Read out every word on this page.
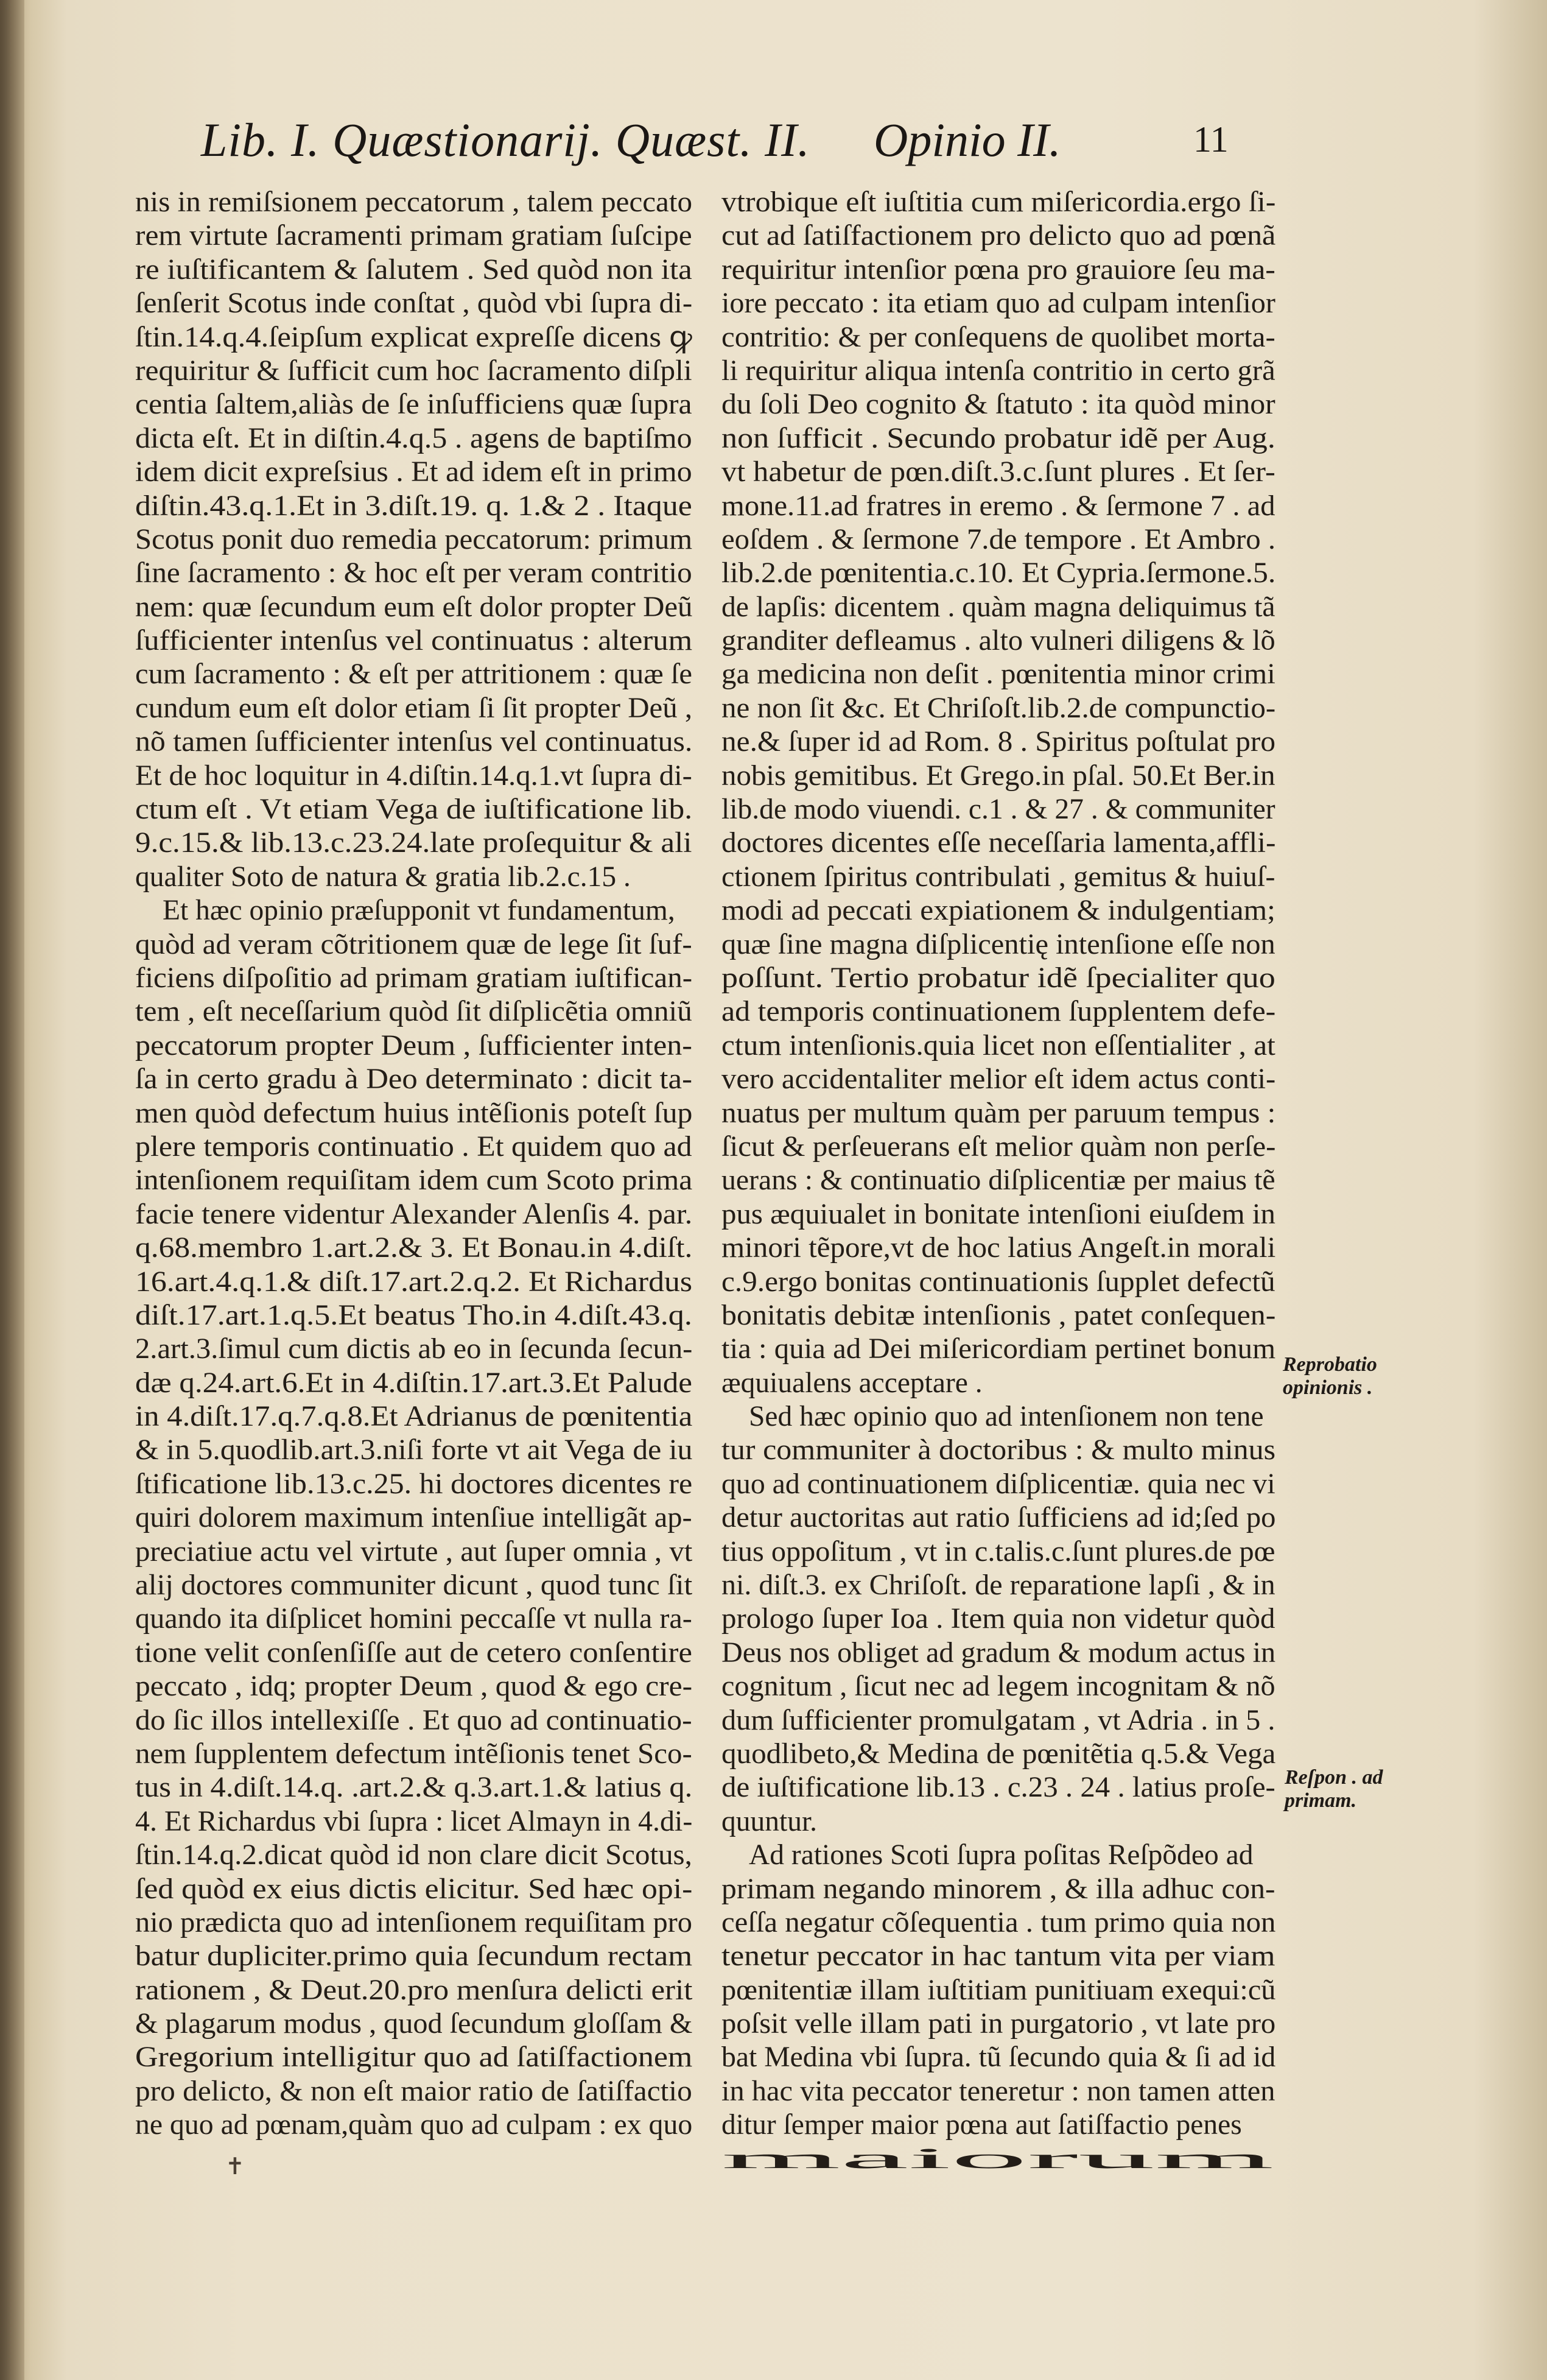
Lib. I. Quæstionarij. Quæst. II. Opinio II.	11
nis in remiſsionem peccatorum , talem peccato
rem virtute ſacramenti primam gratiam ſuſcipe
re iuſtificantem & ſalutem . Sed quòd non ita
ſenſerit Scotus inde conſtat , quòd vbi ſupra di-
ſtin.14.q.4.ſeipſum explicat expreſſe dicens ꝙ
requiritur & ſufficit cum hoc ſacramento diſpli
centia ſaltem,aliàs de ſe inſufficiens quæ ſupra
dicta eſt. Et in diſtin.4.q.5 . agens de baptiſmo
idem dicit expreſsius . Et ad idem eſt in primo
diſtin.43.q.1.Et in 3.diſt.19. q. 1.& 2 . Itaque
Scotus ponit duo remedia peccatorum: primum
ſine ſacramento : & hoc eſt per veram contritio
nem: quæ ſecundum eum eſt dolor propter Deũ
ſufficienter intenſus vel continuatus : alterum
cum ſacramento : & eſt per attritionem : quæ ſe
cundum eum eſt dolor etiam ſi ſit propter Deũ ,
nõ tamen ſufficienter intenſus vel continuatus.
Et de hoc loquitur in 4.diſtin.14.q.1.vt ſupra di-
ctum eſt . Vt etiam Vega de iuſtificatione lib.
9.c.15.& lib.13.c.23.24.late proſequitur & ali
qualiter Soto de natura & gratia lib.2.c.15 .
Et hæc opinio præſupponit vt fundamentum,
quòd ad veram cõtritionem quæ de lege ſit ſuf-
ficiens diſpoſitio ad primam gratiam iuſtifican-
tem , eſt neceſſarium quòd ſit diſplicẽtia omniũ
peccatorum propter Deum , ſufficienter inten-
ſa in certo gradu à Deo determinato : dicit ta-
men quòd defectum huius intẽſionis poteſt ſup
plere temporis continuatio . Et quidem quo ad
intenſionem requiſitam idem cum Scoto prima
facie tenere videntur Alexander Alenſis 4. par.
q.68.membro 1.art.2.& 3. Et Bonau.in 4.diſt.
16.art.4.q.1.& diſt.17.art.2.q.2. Et Richardus
diſt.17.art.1.q.5.Et beatus Tho.in 4.diſt.43.q.
2.art.3.ſimul cum dictis ab eo in ſecunda ſecun-
dæ q.24.art.6.Et in 4.diſtin.17.art.3.Et Palude
in 4.diſt.17.q.7.q.8.Et Adrianus de pœnitentia
& in 5.quodlib.art.3.niſi forte vt ait Vega de iu
ſtificatione lib.13.c.25. hi doctores dicentes re
quiri dolorem maximum intenſiue intelligãt ap-
preciatiue actu vel virtute , aut ſuper omnia , vt
alij doctores communiter dicunt , quod tunc ſit
quando ita diſplicet homini peccaſſe vt nulla ra-
tione velit conſenſiſſe aut de cetero conſentire
peccato , idq; propter Deum , quod & ego cre-
do ſic illos intellexiſſe . Et quo ad continuatio-
nem ſupplentem defectum intẽſionis tenet Sco-
tus in 4.diſt.14.q. .art.2.& q.3.art.1.& latius q.
4. Et Richardus vbi ſupra : licet Almayn in 4.di-
ſtin.14.q.2.dicat quòd id non clare dicit Scotus,
ſed quòd ex eius dictis elicitur. Sed hæc opi-
nio prædicta quo ad intenſionem requiſitam pro
batur dupliciter.primo quia ſecundum rectam
rationem , & Deut.20.pro menſura delicti erit
& plagarum modus , quod ſecundum gloſſam &
Gregorium intelligitur quo ad ſatiſfactionem
pro delicto, & non eſt maior ratio de ſatiſfactio
ne quo ad pœnam,quàm quo ad culpam : ex quo
vtrobique eſt iuſtitia cum miſericordia.ergo ſi-
cut ad ſatiſfactionem pro delicto quo ad pœnã
requiritur intenſior pœna pro grauiore ſeu ma-
iore peccato : ita etiam quo ad culpam intenſior
contritio: & per conſequens de quolibet morta-
li requiritur aliqua intenſa contritio in certo grã
du ſoli Deo cognito & ſtatuto : ita quòd minor
non ſufficit . Secundo probatur idẽ per Aug.
vt habetur de pœn.diſt.3.c.ſunt plures . Et ſer-
mone.11.ad fratres in eremo . & ſermone 7 . ad
eoſdem . & ſermone 7.de tempore . Et Ambro .
lib.2.de pœnitentia.c.10. Et Cypria.ſermone.5.
de lapſis: dicentem . quàm magna deliquimus tã
granditer defleamus . alto vulneri diligens & lõ
ga medicina non deſit . pœnitentia minor crimi
ne non ſit &c. Et Chriſoſt.lib.2.de compunctio-
ne.& ſuper id ad Rom. 8 . Spiritus poſtulat pro
nobis gemitibus. Et Grego.in pſal. 50.Et Ber.in
lib.de modo viuendi. c.1 . & 27 . & communiter
doctores dicentes eſſe neceſſaria lamenta,affli-
ctionem ſpiritus contribulati , gemitus & huiuſ-
modi ad peccati expiationem & indulgentiam;
quæ ſine magna diſplicentię intenſione eſſe non
poſſunt. Tertio probatur idẽ ſpecialiter quo
ad temporis continuationem ſupplentem defe-
ctum intenſionis.quia licet non eſſentialiter , at
vero accidentaliter melior eſt idem actus conti-
nuatus per multum quàm per paruum tempus :
ſicut & perſeuerans eſt melior quàm non perſe-
uerans : & continuatio diſplicentiæ per maius tẽ
pus æquiualet in bonitate intenſioni eiuſdem in
minori tẽpore,vt de hoc latius Angeſt.in morali
c.9.ergo bonitas continuationis ſupplet defectũ
bonitatis debitæ intenſionis , patet conſequen-
tia : quia ad Dei miſericordiam pertinet bonum
æquiualens acceptare .
Sed hæc opinio quo ad intenſionem non tene
tur communiter à doctoribus : & multo minus
quo ad continuationem diſplicentiæ. quia nec vi
detur auctoritas aut ratio ſufficiens ad id;ſed po
tius oppoſitum , vt in c.talis.c.ſunt plures.de pœ
ni. diſt.3. ex Chriſoſt. de reparatione lapſi , & in
prologo ſuper Ioa . Item quia non videtur quòd
Deus nos obliget ad gradum & modum actus in
cognitum , ſicut nec ad legem incognitam & nõ
dum ſufficienter promulgatam , vt Adria . in 5 .
quodlibeto,& Medina de pœnitẽtia q.5.& Vega
de iuſtificatione lib.13 . c.23 . 24 . latius proſe-
quuntur.
Ad rationes Scoti ſupra poſitas Reſpõdeo ad
primam negando minorem , & illa adhuc con-
ceſſa negatur cõſequentia . tum primo quia non
tenetur peccator in hac tantum vita per viam
pœnitentiæ illam iuſtitiam punitiuam exequi:cũ
poſsit velle illam pati in purgatorio , vt late pro
bat Medina vbi ſupra. tũ ſecundo quia & ſi ad id
in hac vita peccator teneretur : non tamen atten
ditur ſemper maior pœna aut ſatiſfactio penes
maiorum
Reprobatio
opinionis .
Reſpon . ad
primam.
✝
